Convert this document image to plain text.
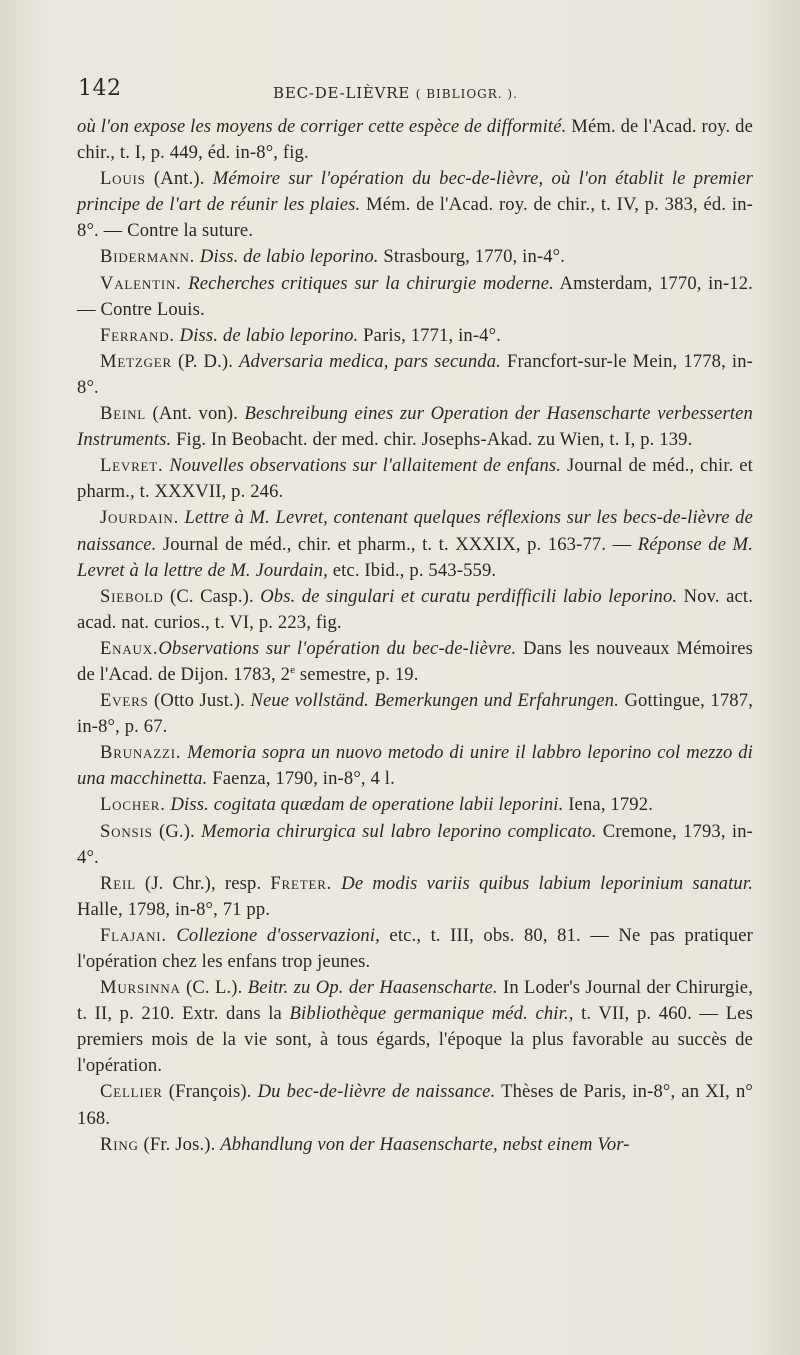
142	BEC-DE-LIÈVRE ( BIBLIOGR. ).

où l'on expose les moyens de corriger cette espèce de difformité. Mém. de l'Acad. roy. de chir., t. I, p. 449, éd. in-8°, fig.

Louis (Ant.). Mémoire sur l'opération du bec-de-lièvre, où l'on établit le premier principe de l'art de réunir les plaies. Mém. de l'Acad. roy. de chir., t. IV, p. 383, éd. in-8°. — Contre la suture.

Bidermann. Diss. de labio leporino. Strasbourg, 1770, in-4°.

Valentin. Recherches critiques sur la chirurgie moderne. Amsterdam, 1770, in-12. — Contre Louis.

Ferrand. Diss. de labio leporino. Paris, 1771, in-4°.

Metzger (P. D.). Adversaria medica, pars secunda. Francfort-sur-le Mein, 1778, in-8°.

Beinl (Ant. von). Beschreibung eines zur Operation der Hasenscharte verbesserten Instruments. Fig. In Beobacht. der med. chir. Josephs-Akad. zu Wien, t. I, p. 139.

Levret. Nouvelles observations sur l'allaitement de enfans. Journal de méd., chir. et pharm., t. XXXVII, p. 246.

Jourdain. Lettre à M. Levret, contenant quelques réflexions sur les becs-de-lièvre de naissance. Journal de méd., chir. et pharm., t. t. XXXIX, p. 163-77. — Réponse de M. Levret à la lettre de M. Jourdain, etc. Ibid., p. 543-559.

Siebold (C. Casp.). Obs. de singulari et curatu perdifficili labio leporino. Nov. act. acad. nat. curios., t. VI, p. 223, fig.

Enaux.Observations sur l'opération du bec-de-lièvre. Dans les nouveaux Mémoires de l'Acad. de Dijon. 1783, 2e semestre, p. 19.

Evers (Otto Just.). Neue vollständ. Bemerkungen und Erfahrungen. Gottingue, 1787, in-8°, p. 67.

Brunazzi. Memoria sopra un nuovo metodo di unire il labbro leporino col mezzo di una macchinetta. Faenza, 1790, in-8°, 4 l.

Locher. Diss. cogitata quædam de operatione labii leporini. Iena, 1792.

Sonsis (G.). Memoria chirurgica sul labro leporino complicato. Cremone, 1793, in-4°.

Reil (J. Chr.), resp. Freter. De modis variis quibus labium leporinium sanatur. Halle, 1798, in-8°, 71 pp.

Flajani. Collezione d'osservazioni, etc., t. III, obs. 80, 81. — Ne pas pratiquer l'opération chez les enfans trop jeunes.

Mursinna (C. L.). Beitr. zu Op. der Haasenscharte. In Loder's Journal der Chirurgie, t. II, p. 210. Extr. dans la Bibliothèque germanique méd. chir., t. VII, p. 460. — Les premiers mois de la vie sont, à tous égards, l'époque la plus favorable au succès de l'opération.

Cellier (François). Du bec-de-lièvre de naissance. Thèses de Paris, in-8°, an XI, n° 168.

Ring (Fr. Jos.). Abhandlung von der Haasenscharte, nebst einem Vor-
